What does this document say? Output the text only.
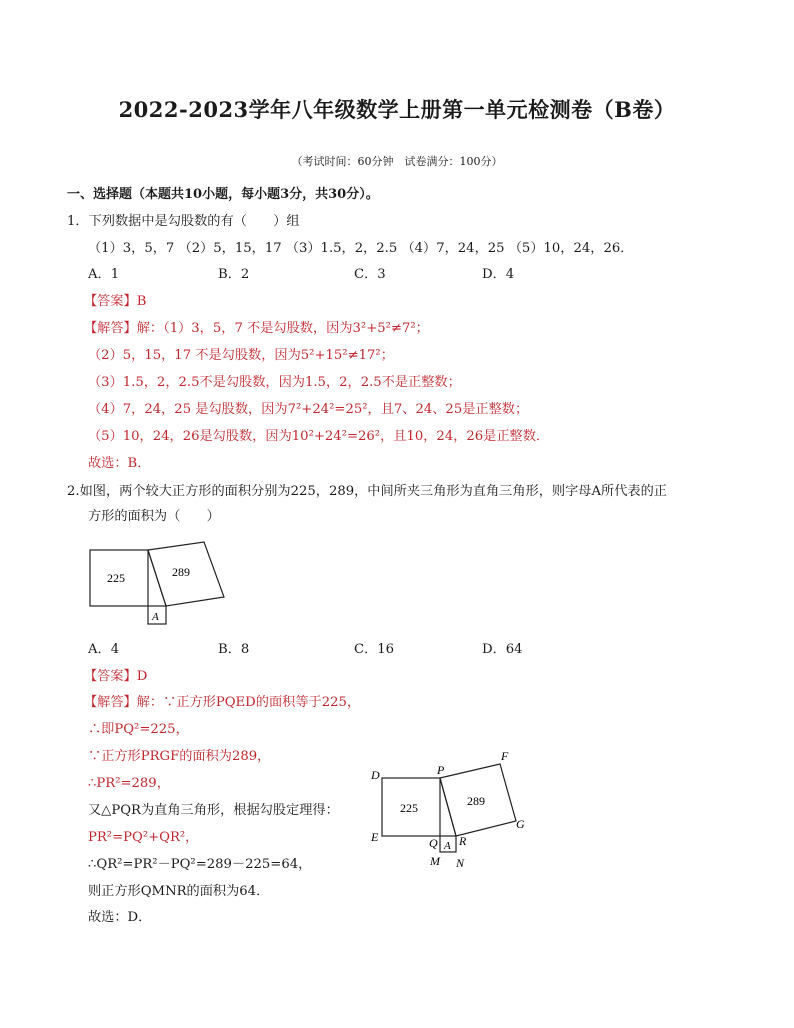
2022-2023学年八年级数学上册第一单元检测卷（B卷）
（考试时间：60分钟　试卷满分：100分）
一、选择题（本题共10小题，每小题3分，共30分）。
1．下列数据中是勾股数的有（　　）组
（1）3，5，7 （2）5，15，17 （3）1.5，2，2.5 （4）7，24，25 （5）10，24，26．
A．1	B．2	C．3	D．4
【答案】B
【解答】解：（1）3，5，7 不是勾股数，因为3²+5²≠7²；
（2）5，15，17 不是勾股数，因为5²+15²≠17²；
（3）1.5，2，2.5不是勾股数，因为1.5，2，2.5不是正整数；
（4）7，24，25 是勾股数，因为7²+24²=25²，且7、24、25是正整数；
（5）10，24，26是勾股数，因为10²+24²=26²，且10，24，26是正整数．
故选：B．
2.如图，两个较大正方形的面积分别为225，289，中间所夹三角形为直角三角形，则字母A所代表的正
方形的面积为（　　）
225	289
A
A．4	B．8	C．16	D．64
【答案】D
【解答】解：∵正方形PQED的面积等于225，
∴即PQ²=225，
∵正方形PRGF的面积为289，
∴PR²=289，
又△PQR为直角三角形，根据勾股定理得：
PR²=PQ²+QR²，
∴QR²=PR²－PQ²=289－225=64，
则正方形QMNR的面积为64．
故选：D．
D	P
F
E	Q R
G
M N
A
225	289
